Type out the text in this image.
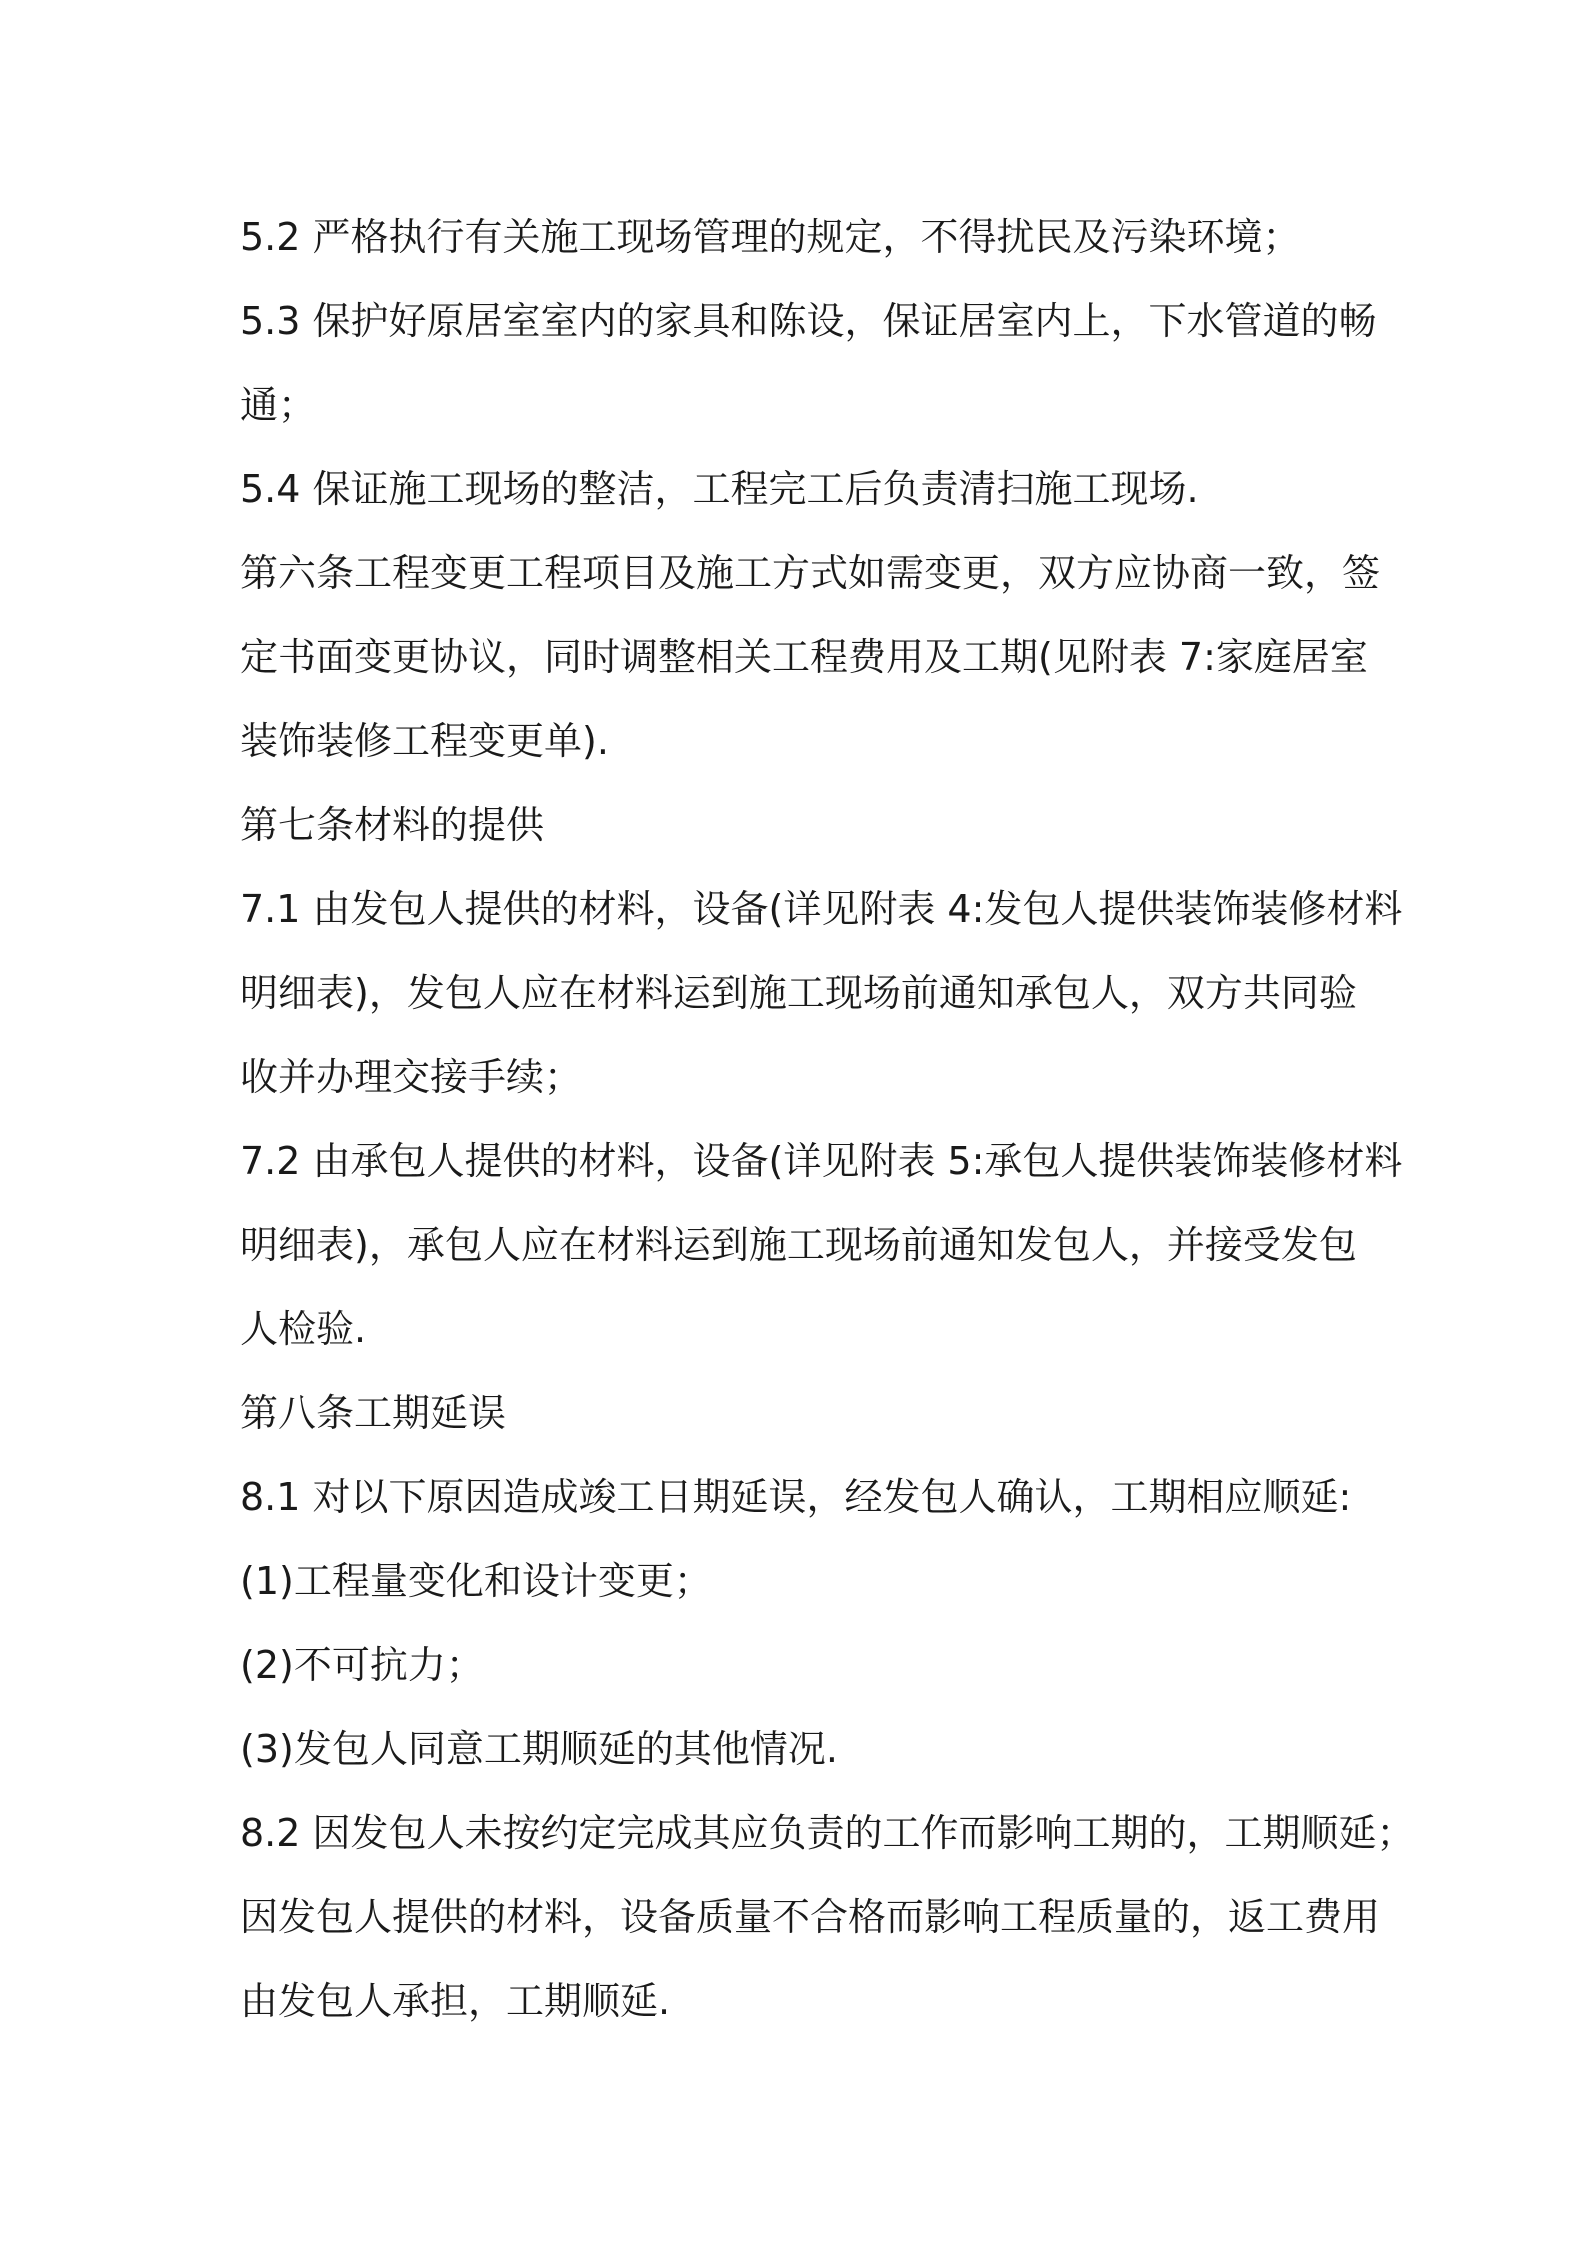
5.2 严格执行有关施工现场管理的规定，不得扰民及污染环境；
5.3 保护好原居室室内的家具和陈设，保证居室内上，下水管道的畅
通；
5.4 保证施工现场的整洁，工程完工后负责清扫施工现场.
第六条工程变更工程项目及施工方式如需变更，双方应协商一致，签
定书面变更协议，同时调整相关工程费用及工期(见附表 7:家庭居室
装饰装修工程变更单).
第七条材料的提供
7.1 由发包人提供的材料，设备(详见附表 4:发包人提供装饰装修材料
明细表)，发包人应在材料运到施工现场前通知承包人，双方共同验
收并办理交接手续；
7.2 由承包人提供的材料，设备(详见附表 5:承包人提供装饰装修材料
明细表)，承包人应在材料运到施工现场前通知发包人，并接受发包
人检验.
第八条工期延误
8.1 对以下原因造成竣工日期延误，经发包人确认，工期相应顺延:
(1)工程量变化和设计变更；
(2)不可抗力；
(3)发包人同意工期顺延的其他情况.
8.2 因发包人未按约定完成其应负责的工作而影响工期的，工期顺延；
因发包人提供的材料，设备质量不合格而影响工程质量的，返工费用
由发包人承担，工期顺延.
